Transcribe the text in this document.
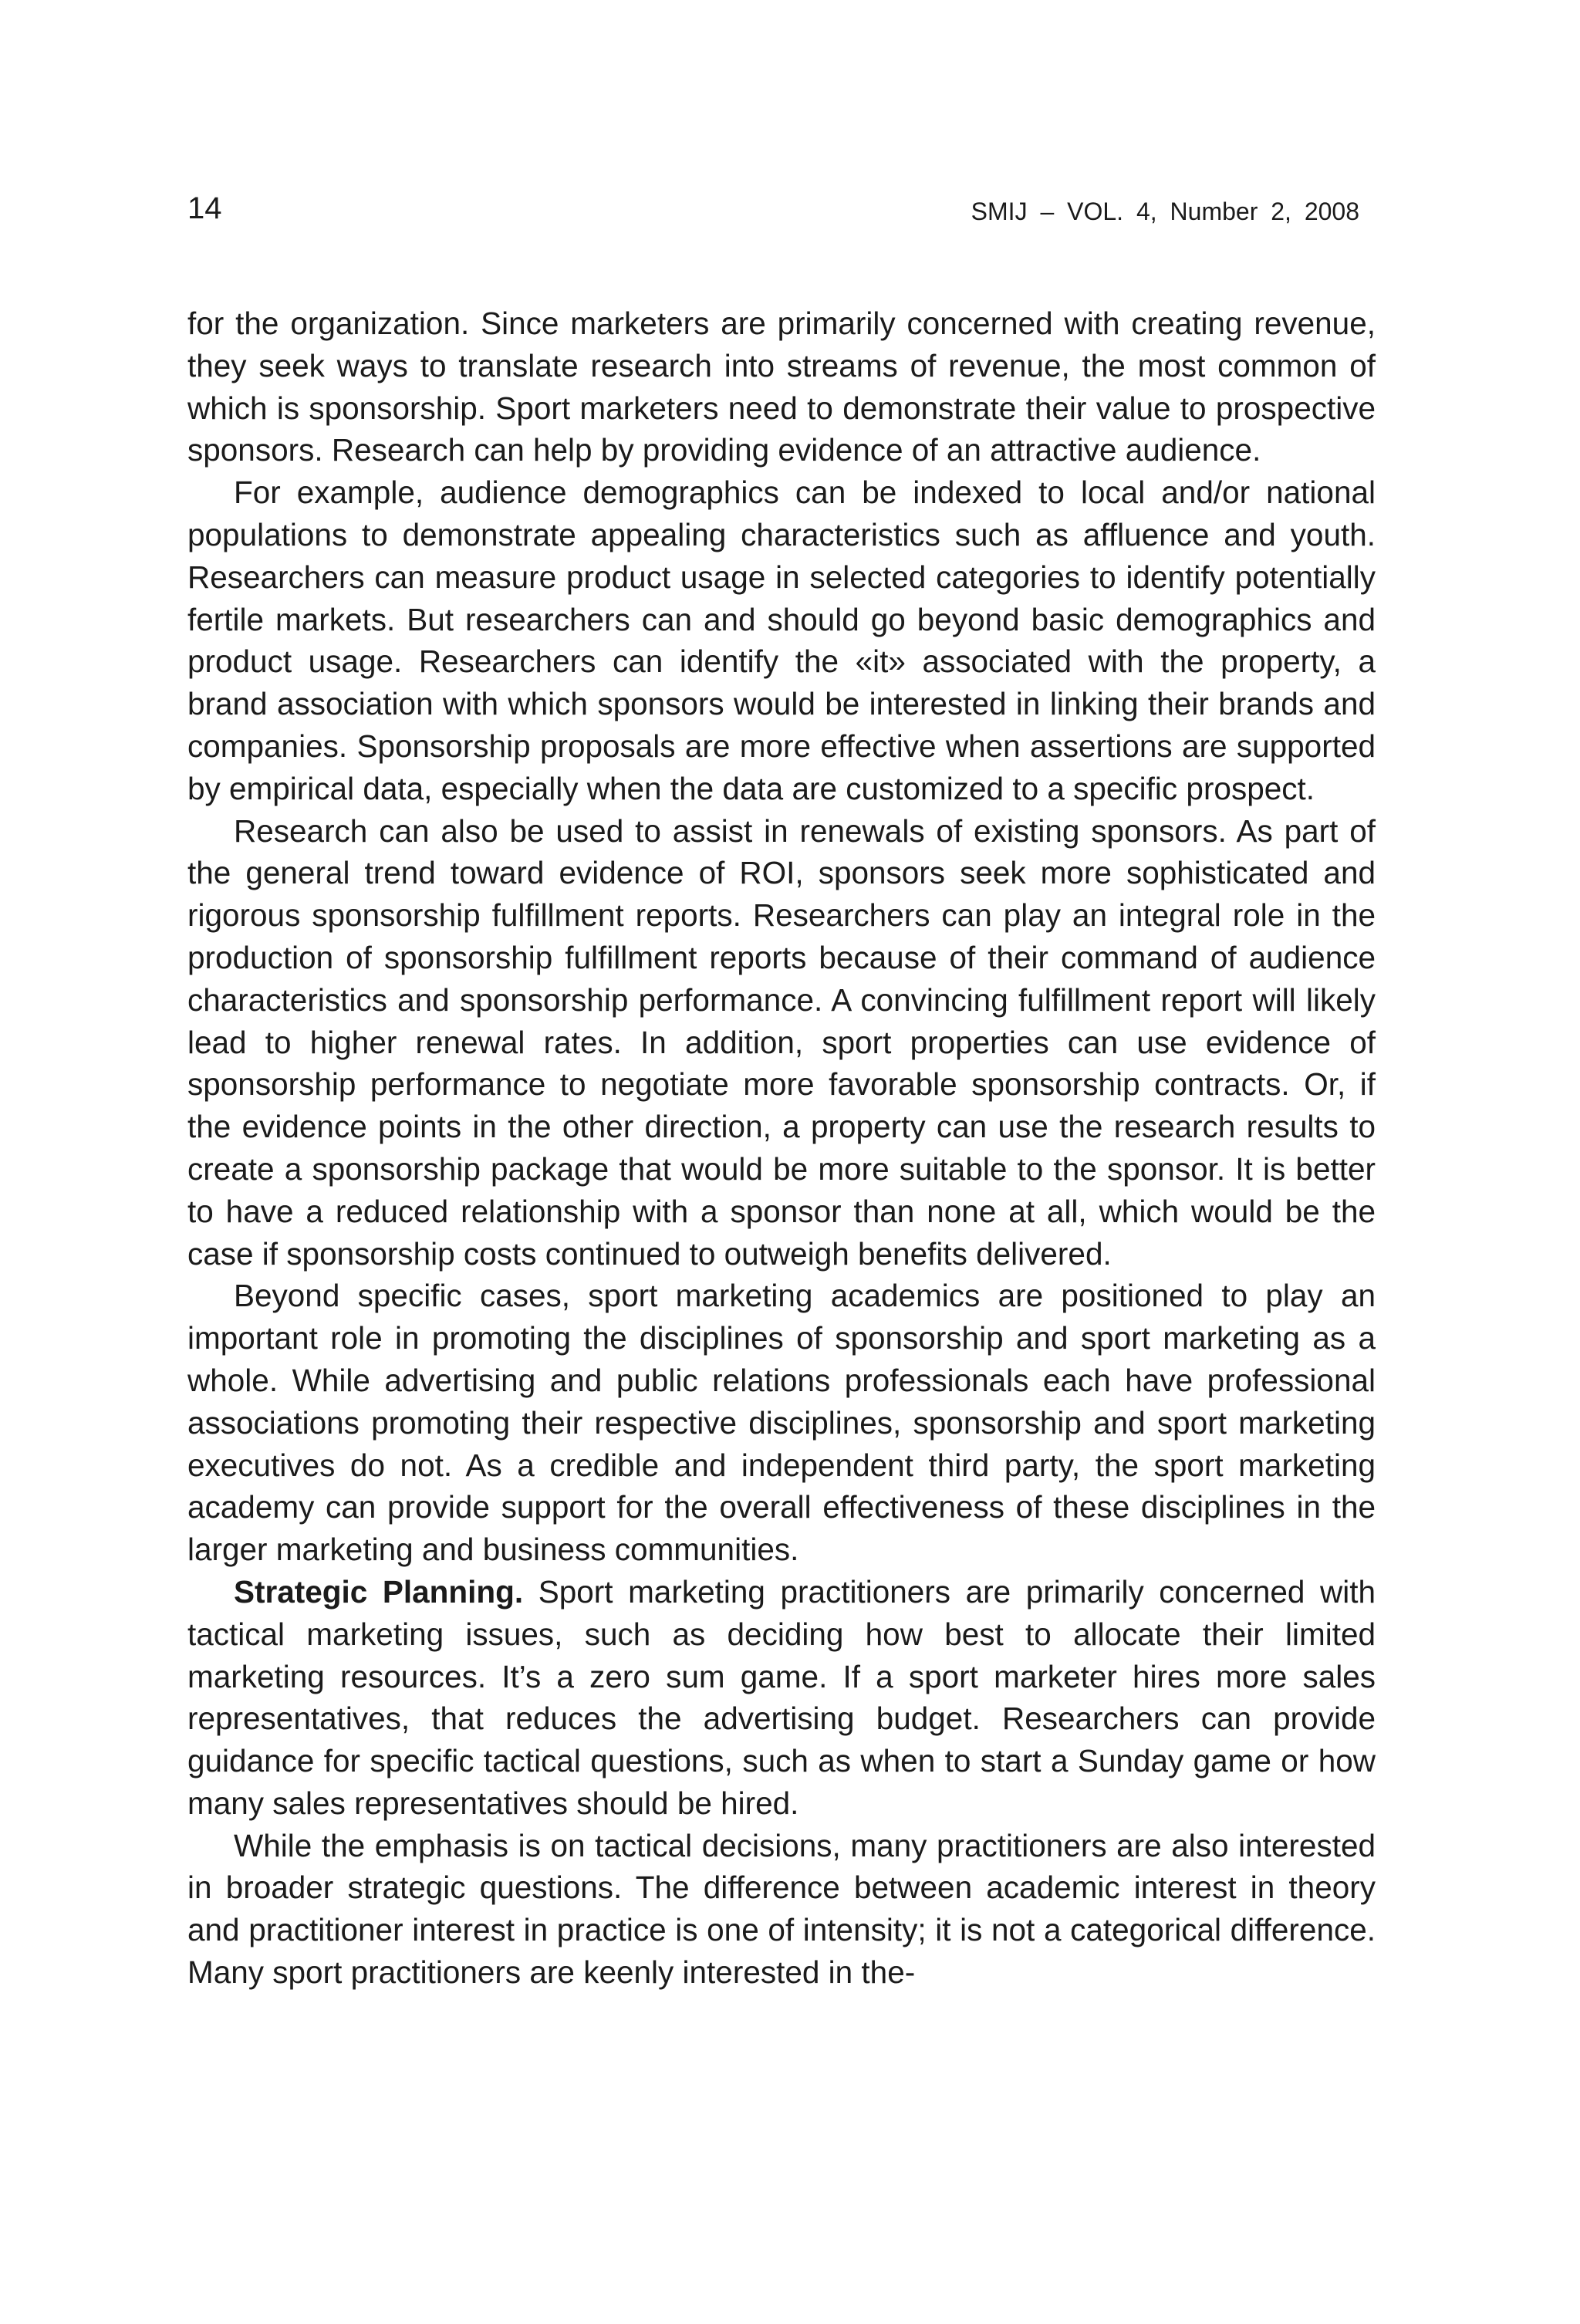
14	SMIJ – VOL. 4, Number 2, 2008

for the organization. Since marketers are primarily concerned with creating revenue, they seek ways to translate research into streams of revenue, the most common of which is sponsorship. Sport marketers need to demonstrate their value to prospective sponsors. Research can help by providing evidence of an attractive audience.

For example, audience demographics can be indexed to local and/or national populations to demonstrate appealing characteristics such as affluence and youth. Researchers can measure product usage in selected categories to identify potentially fertile markets. But researchers can and should go beyond basic demographics and product usage. Researchers can identify the «it» associated with the property, a brand association with which sponsors would be interested in linking their brands and companies. Sponsorship proposals are more effective when assertions are supported by empirical data, especially when the data are customized to a specific prospect.

Research can also be used to assist in renewals of existing sponsors. As part of the general trend toward evidence of ROI, sponsors seek more sophisticated and rigorous sponsorship fulfillment reports. Researchers can play an integral role in the production of sponsorship fulfillment reports because of their command of audience characteristics and sponsorship performance. A convincing fulfillment report will likely lead to higher renewal rates. In addition, sport properties can use evidence of sponsorship performance to negotiate more favorable sponsorship contracts. Or, if the evidence points in the other direction, a property can use the research results to create a sponsorship package that would be more suitable to the sponsor. It is better to have a reduced relationship with a sponsor than none at all, which would be the case if sponsorship costs continued to outweigh benefits delivered.

Beyond specific cases, sport marketing academics are positioned to play an important role in promoting the disciplines of sponsorship and sport marketing as a whole. While advertising and public relations professionals each have professional associations promoting their respective disciplines, sponsorship and sport marketing executives do not. As a credible and independent third party, the sport marketing academy can provide support for the overall effectiveness of these disciplines in the larger marketing and business communities.

Strategic Planning. Sport marketing practitioners are primarily concerned with tactical marketing issues, such as deciding how best to allocate their limited marketing resources. It’s a zero sum game. If a sport marketer hires more sales representatives, that reduces the advertising budget. Researchers can provide guidance for specific tactical questions, such as when to start a Sunday game or how many sales representatives should be hired.

While the emphasis is on tactical decisions, many practitioners are also interested in broader strategic questions. The difference between academic interest in theory and practitioner interest in practice is one of intensity; it is not a categorical difference. Many sport practitioners are keenly interested in the-
